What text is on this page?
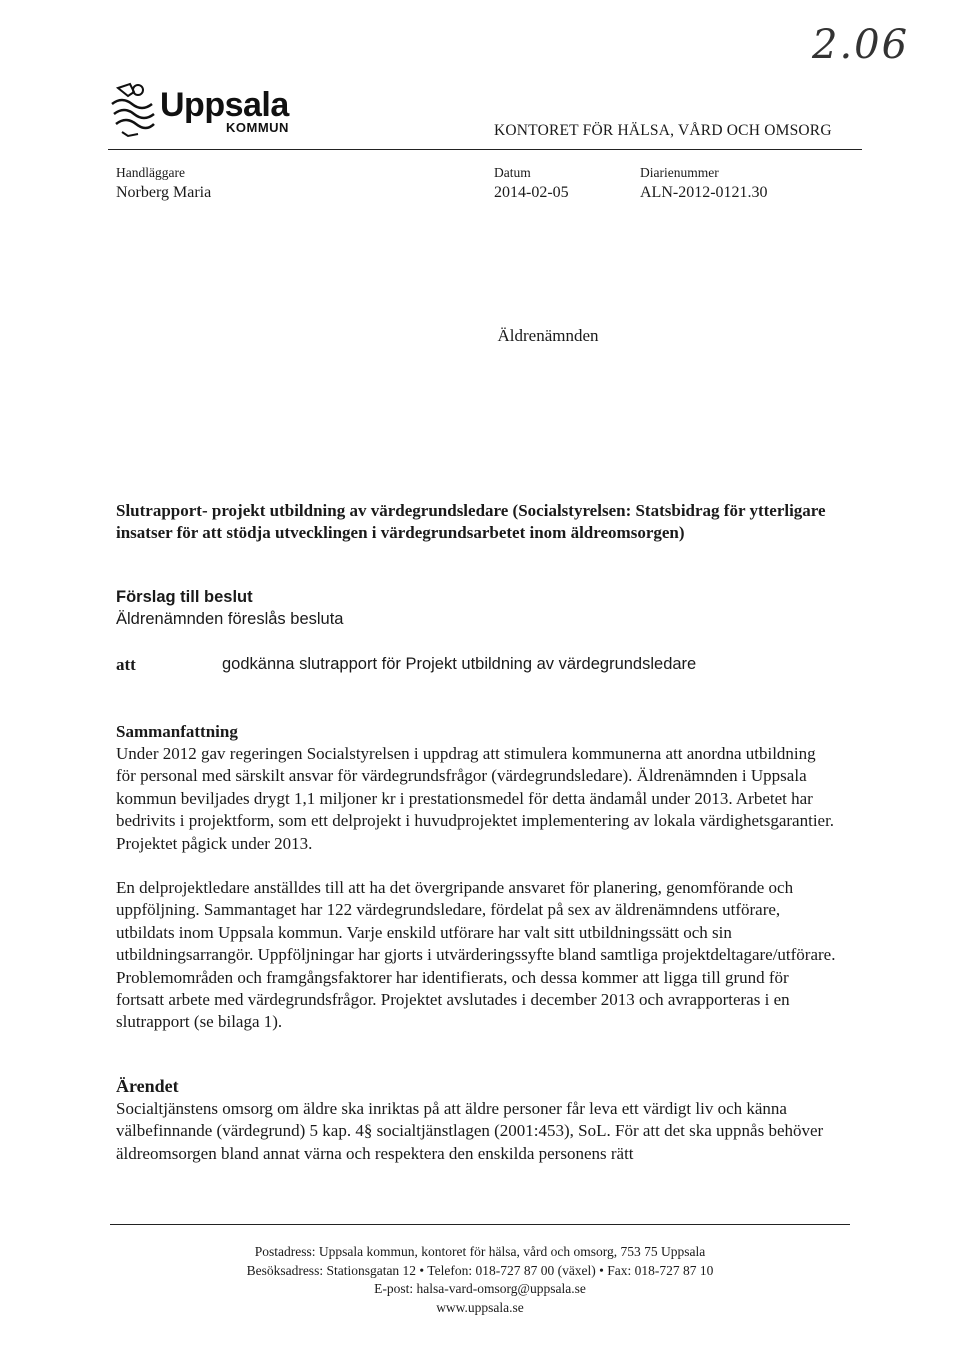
2.06
Uppsala
KOMMUN	KONTORET FÖR HÄLSA, VÅRD OCH OMSORG
Handläggare
Norberg Maria
Datum
2014-02-05
Diarienummer
ALN-2012-0121.30
Äldrenämnden
Slutrapport- projekt utbildning av värdegrundsledare (Socialstyrelsen: Statsbidrag för ytterligare insatser för att stödja utvecklingen i värdegrundsarbetet inom äldreomsorgen)
Förslag till beslut
Äldrenämnden föreslås besluta
att	godkänna slutrapport för Projekt utbildning av värdegrundsledare
Sammanfattning
Under 2012 gav regeringen Socialstyrelsen i uppdrag att stimulera kommunerna att anordna utbildning för personal med särskilt ansvar för värdegrundsfrågor (värdegrundsledare). Äldrenämnden i Uppsala kommun beviljades drygt 1,1 miljoner kr i prestationsmedel för detta ändamål under 2013. Arbetet har bedrivits i projektform, som ett delprojekt i huvudprojektet implementering av lokala värdighetsgarantier. Projektet pågick under 2013.
En delprojektledare anställdes till att ha det övergripande ansvaret för planering, genomförande och uppföljning. Sammantaget har 122 värdegrundsledare, fördelat på sex av äldrenämndens utförare, utbildats inom Uppsala kommun. Varje enskild utförare har valt sitt utbildningssätt och sin utbildningsarrangör. Uppföljningar har gjorts i utvärderingssyfte bland samtliga projektdeltagare/utförare. Problemområden och framgångsfaktorer har identifierats, och dessa kommer att ligga till grund för fortsatt arbete med värdegrundsfrågor. Projektet avslutades i december 2013 och avrapporteras i en slutrapport (se bilaga 1).
Ärendet
Socialtjänstens omsorg om äldre ska inriktas på att äldre personer får leva ett värdigt liv och känna välbefinnande (värdegrund) 5 kap. 4§ socialtjänstlagen (2001:453), SoL. För att det ska uppnås behöver äldreomsorgen bland annat värna och respektera den enskilda personens rätt
Postadress: Uppsala kommun, kontoret för hälsa, vård och omsorg, 753 75 Uppsala
Besöksadress: Stationsgatan 12 • Telefon: 018-727 87 00 (växel) • Fax: 018-727 87 10
E-post: halsa-vard-omsorg@uppsala.se
www.uppsala.se
